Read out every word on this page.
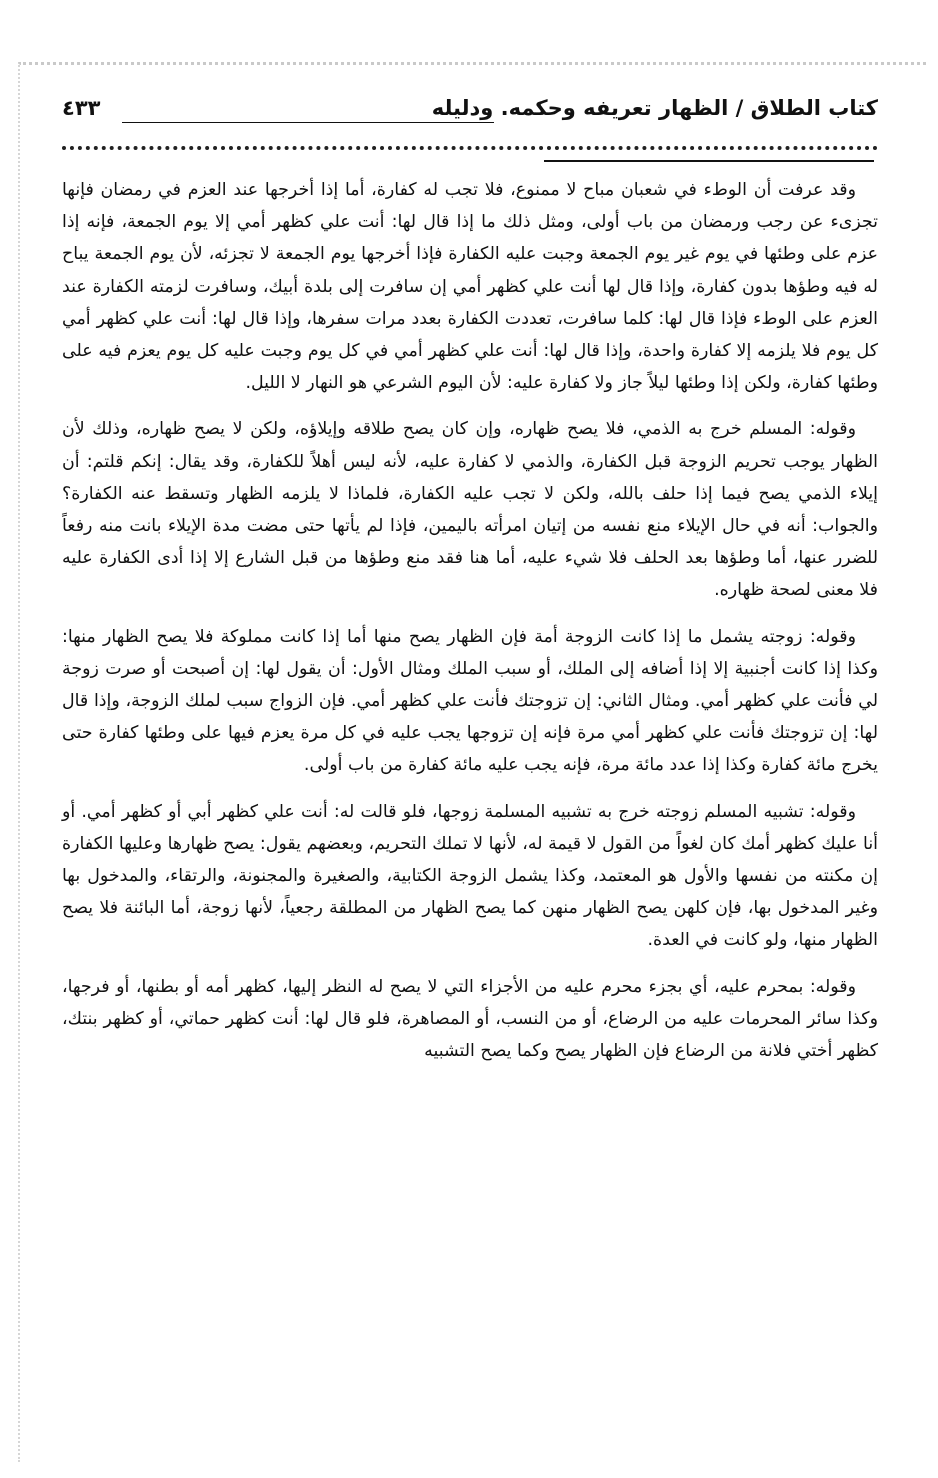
كتاب الطلاق / الظهار تعريفه وحكمه. ودليله
٤٣٣

وقد عرفت أن الوطء في شعبان مباح لا ممنوع، فلا تجب له كفارة، أما إذا أخرجها عند العزم في رمضان فإنها تجزىء عن رجب ورمضان من باب أولى، ومثل ذلك ما إذا قال لها: أنت علي كظهر أمي إلا يوم الجمعة، فإنه إذا عزم على وطئها في يوم غير يوم الجمعة وجبت عليه الكفارة فإذا أخرجها يوم الجمعة لا تجزئه، لأن يوم الجمعة يباح له فيه وطؤها بدون كفارة، وإذا قال لها أنت علي كظهر أمي إن سافرت إلى بلدة أبيك، وسافرت لزمته الكفارة عند العزم على الوطء فإذا قال لها: كلما سافرت، تعددت الكفارة بعدد مرات سفرها، وإذا قال لها: أنت علي كظهر أمي كل يوم فلا يلزمه إلا كفارة واحدة، وإذا قال لها: أنت علي كظهر أمي في كل يوم وجبت عليه كل يوم يعزم فيه على وطئها كفارة، ولكن إذا وطئها ليلاً جاز ولا كفارة عليه: لأن اليوم الشرعي هو النهار لا الليل.

وقوله: المسلم خرج به الذمي، فلا يصح ظهاره، وإن كان يصح طلاقه وإيلاؤه، ولكن لا يصح ظهاره، وذلك لأن الظهار يوجب تحريم الزوجة قبل الكفارة، والذمي لا كفارة عليه، لأنه ليس أهلاً للكفارة، وقد يقال: إنكم قلتم: أن إيلاء الذمي يصح فيما إذا حلف بالله، ولكن لا تجب عليه الكفارة، فلماذا لا يلزمه الظهار وتسقط عنه الكفارة؟ والجواب: أنه في حال الإيلاء منع نفسه من إتيان امرأته باليمين، فإذا لم يأتها حتى مضت مدة الإيلاء بانت منه رفعاً للضرر عنها، أما وطؤها بعد الحلف فلا شيء عليه، أما هنا فقد منع وطؤها من قبل الشارع إلا إذا أدى الكفارة عليه فلا معنى لصحة ظهاره.

وقوله: زوجته يشمل ما إذا كانت الزوجة أمة فإن الظهار يصح منها أما إذا كانت مملوكة فلا يصح الظهار منها: وكذا إذا كانت أجنبية إلا إذا أضافه إلى الملك، أو سبب الملك ومثال الأول: أن يقول لها: إن أصبحت أو صرت زوجة لي فأنت علي كظهر أمي. ومثال الثاني: إن تزوجتك فأنت علي كظهر أمي. فإن الزواج سبب لملك الزوجة، وإذا قال لها: إن تزوجتك فأنت علي كظهر أمي مرة فإنه إن تزوجها يجب عليه في كل مرة يعزم فيها على وطئها كفارة حتى يخرج مائة كفارة وكذا إذا عدد مائة مرة، فإنه يجب عليه مائة كفارة من باب أولى.

وقوله: تشبيه المسلم زوجته خرج به تشبيه المسلمة زوجها، فلو قالت له: أنت علي كظهر أبي أو كظهر أمي. أو أنا عليك كظهر أمك كان لغواً من القول لا قيمة له، لأنها لا تملك التحريم، وبعضهم يقول: يصح ظهارها وعليها الكفارة إن مكنته من نفسها والأول هو المعتمد، وكذا يشمل الزوجة الكتابية، والصغيرة والمجنونة، والرتقاء، والمدخول بها وغير المدخول بها، فإن كلهن يصح الظهار منهن كما يصح الظهار من المطلقة رجعياً، لأنها زوجة، أما البائنة فلا يصح الظهار منها، ولو كانت في العدة.

وقوله: بمحرم عليه، أي بجزء محرم عليه من الأجزاء التي لا يصح له النظر إليها، كظهر أمه أو بطنها، أو فرجها، وكذا سائر المحرمات عليه من الرضاع، أو من النسب، أو المصاهرة، فلو قال لها: أنت كظهر حماتي، أو كظهر بنتك، كظهر أختي فلانة من الرضاع فإن الظهار يصح وكما يصح التشبيه
